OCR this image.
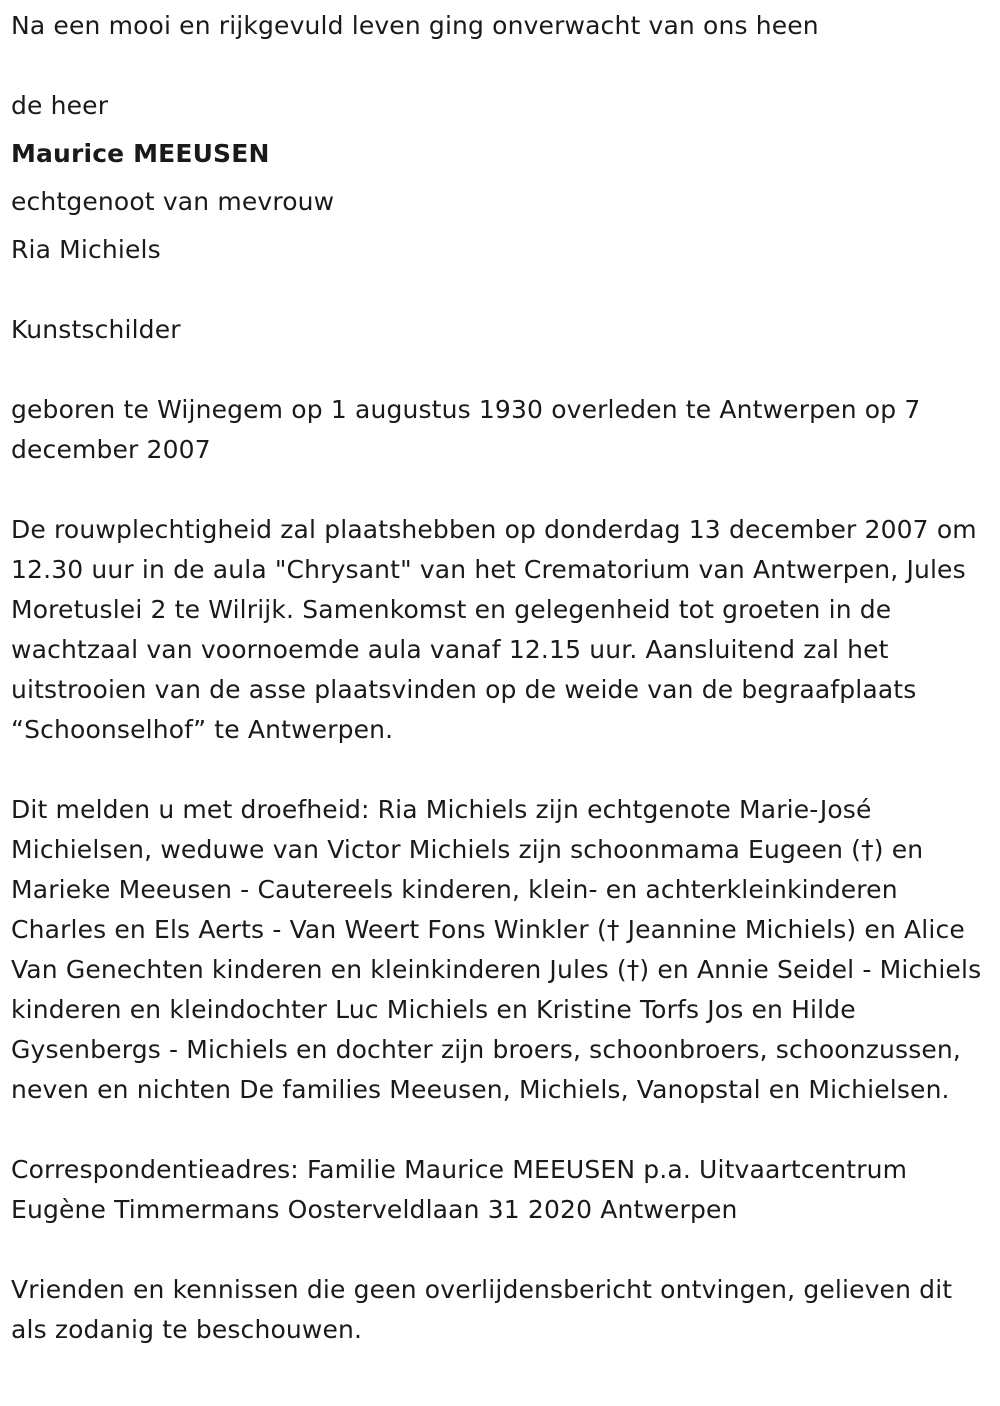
Na een mooi en rijkgevuld leven ging onverwacht van ons heen

de heer

Maurice MEEUSEN

echtgenoot van mevrouw

Ria Michiels

Kunstschilder

geboren te Wijnegem op 1 augustus 1930 overleden te Antwerpen op 7 december 2007

De rouwplechtigheid zal plaatshebben op donderdag 13 december 2007 om 12.30 uur in de aula "Chrysant" van het Crematorium van Antwerpen, Jules Moretuslei 2 te Wilrijk. Samenkomst en gelegenheid tot groeten in de wachtzaal van voornoemde aula vanaf 12.15 uur. Aansluitend zal het uitstrooien van de asse plaatsvinden op de weide van de begraafplaats “Schoonselhof” te Antwerpen.

Dit melden u met droefheid: Ria Michiels zijn echtgenote Marie-José Michielsen, weduwe van Victor Michiels zijn schoonmama Eugeen (†) en Marieke Meeusen - Cautereels kinderen, klein- en achterkleinkinderen Charles en Els Aerts - Van Weert Fons Winkler († Jeannine Michiels) en Alice Van Genechten kinderen en kleinkinderen Jules (†) en Annie Seidel - Michiels kinderen en kleindochter Luc Michiels en Kristine Torfs Jos en Hilde Gysenbergs - Michiels en dochter zijn broers, schoonbroers, schoonzussen, neven en nichten De families Meeusen, Michiels, Vanopstal en Michielsen.

Correspondentieadres: Familie Maurice MEEUSEN p.a. Uitvaartcentrum Eugène Timmermans Oosterveldlaan 31 2020 Antwerpen

Vrienden en kennissen die geen overlijdensbericht ontvingen, gelieven dit als zodanig te beschouwen.
